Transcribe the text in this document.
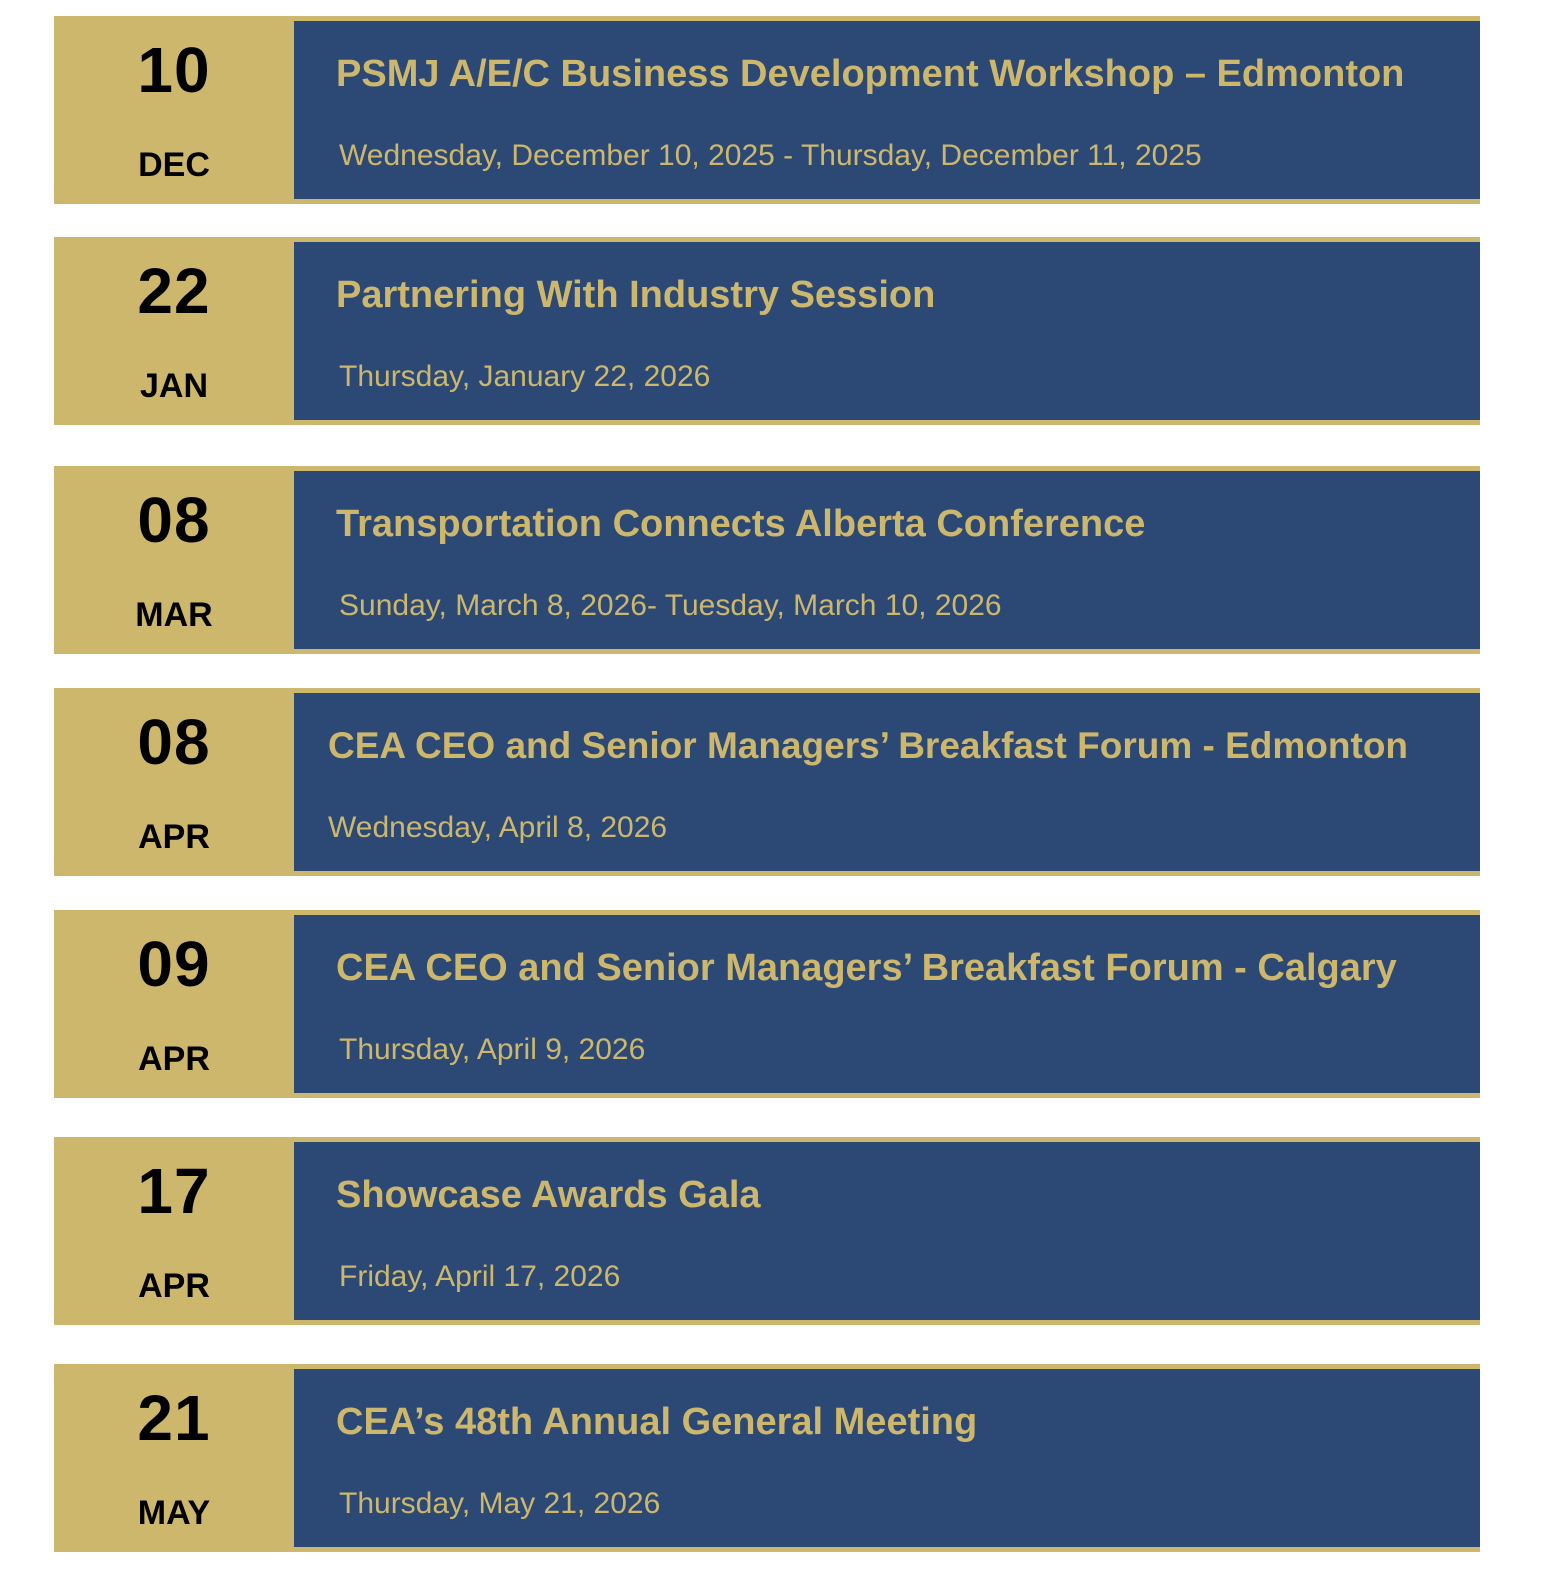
10
DEC
PSMJ A/E/C Business Development Workshop – Edmonton
Wednesday, December 10, 2025 - Thursday, December 11, 2025
22
JAN
Partnering With Industry Session
Thursday, January 22, 2026
08
MAR
Transportation Connects Alberta Conference
Sunday, March 8, 2026- Tuesday, March 10, 2026
08
APR
CEA CEO and Senior Managers’ Breakfast Forum - Edmonton
Wednesday, April 8, 2026
09
APR
CEA CEO and Senior Managers’ Breakfast Forum - Calgary
Thursday, April 9, 2026
17
APR
Showcase Awards Gala
Friday, April 17, 2026
21
MAY
CEA’s 48th Annual General Meeting
Thursday, May 21, 2026
